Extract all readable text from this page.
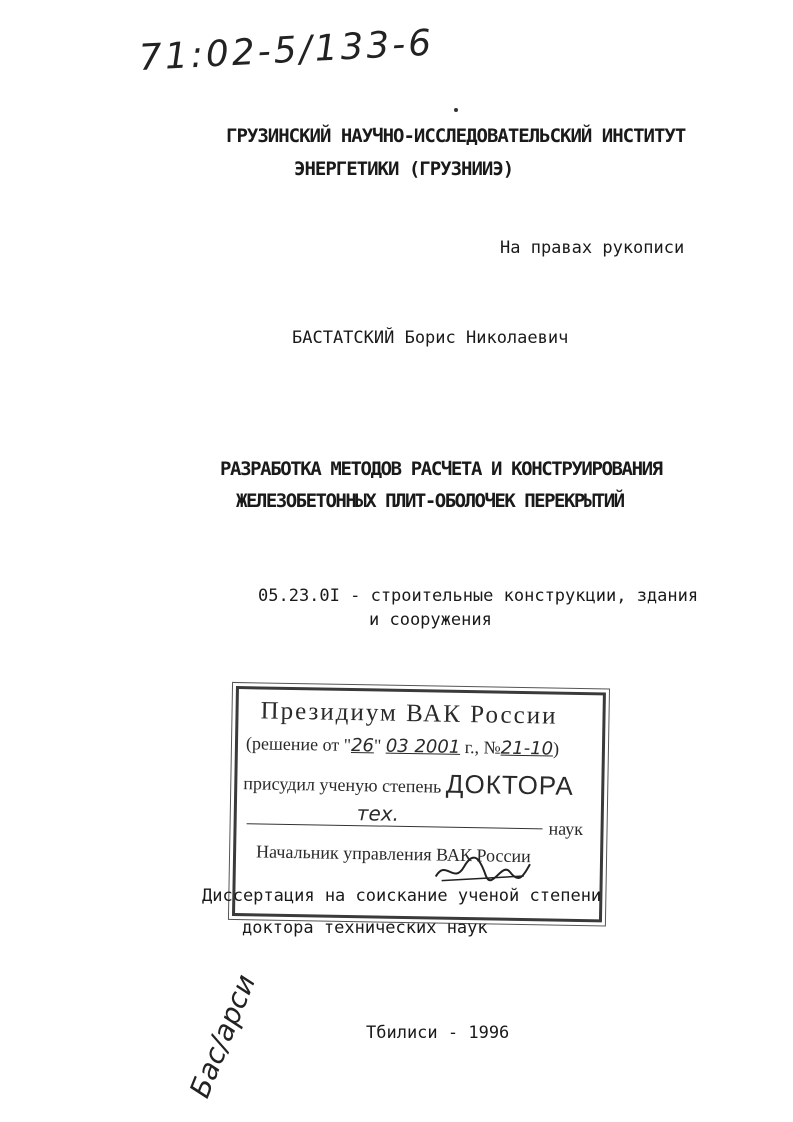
71:02-5/133-6
ГРУЗИНСКИЙ НАУЧНО-ИССЛЕДОВАТЕЛЬСКИЙ ИНСТИТУТ
ЭНЕРГЕТИКИ (ГРУЗНИИЭ)
На правах рукописи
БАСТАТСКИЙ Борис Николаевич
РАЗРАБОТКА МЕТОДОВ РАСЧЕТА И КОНСТРУИРОВАНИЯ
ЖЕЛЕЗОБЕТОННЫХ ПЛИТ-ОБОЛОЧЕК ПЕРЕКРЫТИЙ
05.23.0I - строительные конструкции, здания
и сооружения
Президиум ВАК России
(решение от "26" 03 2001 г., №21-10)
присудил ученую степень ДОКТОРА
тех.
наук
Начальник управления ВАК России
Диссертация на соискание ученой степени
доктора технических наук
Тбилиси - 1996
Бас/арси
